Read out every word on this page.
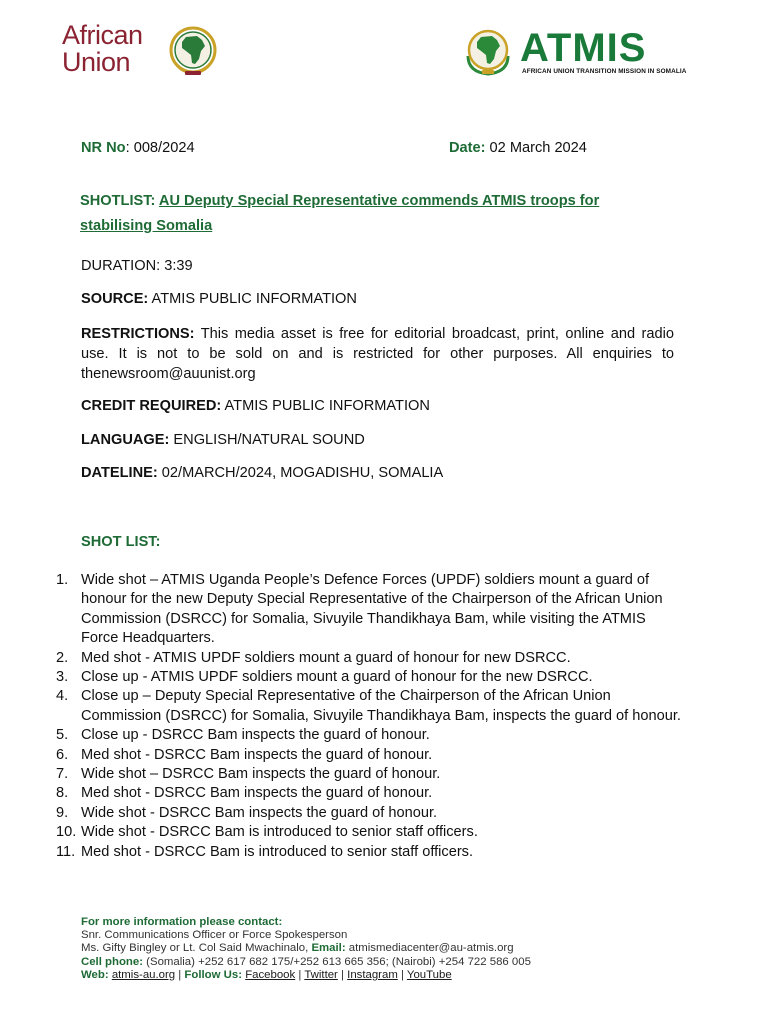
African
Union	ATMIS
AFRICAN UNION TRANSITION MISSION IN SOMALIA
NR No: 008/2024	Date: 02 March 2024
SHOTLIST: AU Deputy Special Representative commends ATMIS troops for
stabilising Somalia
DURATION: 3:39
SOURCE: ATMIS PUBLIC INFORMATION
RESTRICTIONS: This media asset is free for editorial broadcast, print, online and radio use. It is not to be sold on and is restricted for other purposes. All enquiries to thenewsroom@auunist.org
CREDIT REQUIRED: ATMIS PUBLIC INFORMATION
LANGUAGE: ENGLISH/NATURAL SOUND
DATELINE: 02/MARCH/2024, MOGADISHU, SOMALIA
SHOT LIST:
1. Wide shot – ATMIS Uganda People’s Defence Forces (UPDF) soldiers mount a guard of honour for the new Deputy Special Representative of the Chairperson of the African Union Commission (DSRCC) for Somalia, Sivuyile Thandikhaya Bam, while visiting the ATMIS Force Headquarters.
2. Med shot - ATMIS UPDF soldiers mount a guard of honour for new DSRCC.
3. Close up - ATMIS UPDF soldiers mount a guard of honour for the new DSRCC.
4. Close up – Deputy Special Representative of the Chairperson of the African Union Commission (DSRCC) for Somalia, Sivuyile Thandikhaya Bam, inspects the guard of honour.
5. Close up - DSRCC Bam inspects the guard of honour.
6. Med shot - DSRCC Bam inspects the guard of honour.
7. Wide shot – DSRCC Bam inspects the guard of honour.
8. Med shot - DSRCC Bam inspects the guard of honour.
9. Wide shot - DSRCC Bam inspects the guard of honour.
10. Wide shot - DSRCC Bam is introduced to senior staff officers.
11. Med shot - DSRCC Bam is introduced to senior staff officers.
For more information please contact:
Snr. Communications Officer or Force Spokesperson
Ms. Gifty Bingley or Lt. Col Said Mwachinalo, Email: atmismediacenter@au-atmis.org
Cell phone: (Somalia) +252 617 682 175/+252 613 665 356; (Nairobi) +254 722 586 005
Web: atmis-au.org | Follow Us: Facebook | Twitter | Instagram | YouTube
